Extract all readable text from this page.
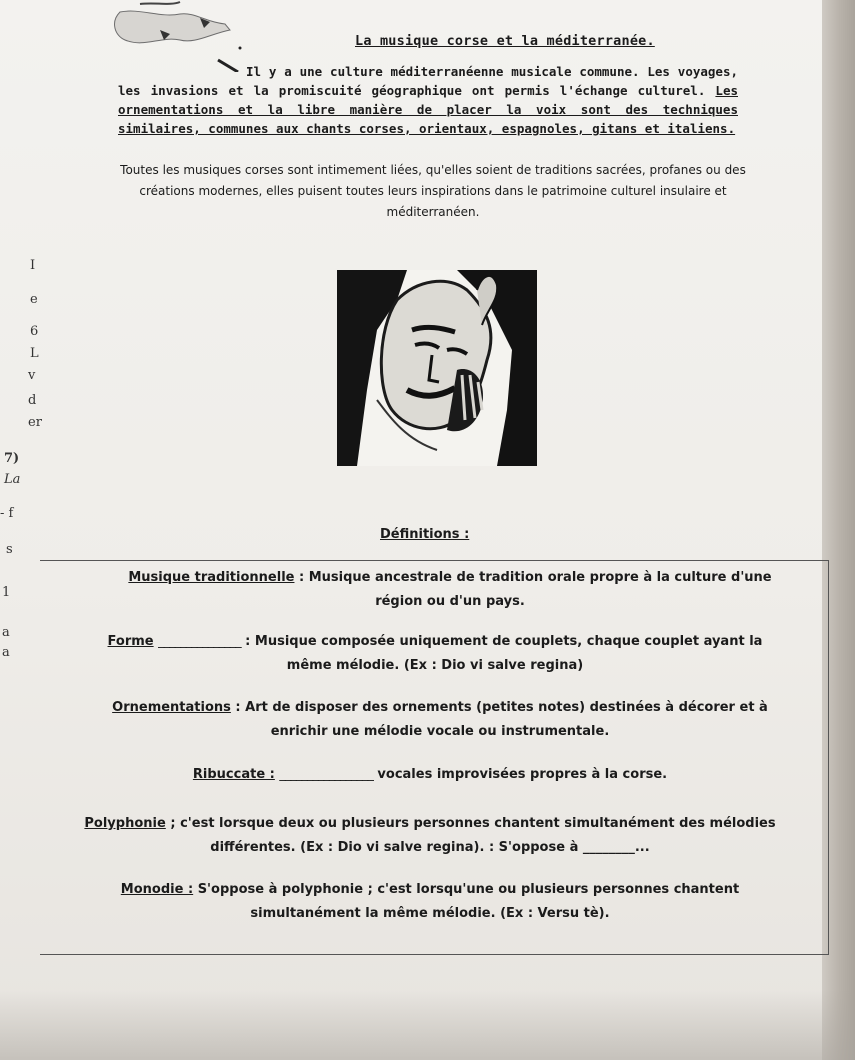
La musique corse et la méditerranée.
Il y a une culture méditerranéenne musicale commune. Les voyages, les invasions et la promiscuité géographique ont permis l'échange culturel. Les ornementations et la libre manière de placer la voix sont des techniques similaires, communes aux chants corses, orientaux, espagnoles, gitans et italiens.
Toutes les musiques corses sont intimement liées, qu'elles soient de traditions sacrées, profanes ou des créations modernes, elles puisent toutes leurs inspirations dans le patrimoine culturel insulaire et méditerranéen.
I
e
6
L
v
d
er
7)
La
- f
s
1
a
a
Définitions :
Musique traditionnelle : Musique ancestrale de tradition orale propre à la culture d'une région ou d'un pays.
Forme _______________ : Musique composée uniquement de couplets, chaque couplet ayant la même mélodie. (Ex : Dio vi salve regina)
Ornementations : Art de disposer des ornements (petites notes) destinées à décorer et à enrichir une mélodie vocale ou instrumentale.
Ribuccate : _________________ vocales improvisées propres à la corse.
Polyphonie ; c'est lorsque deux ou plusieurs personnes chantent simultanément des mélodies différentes. (Ex : Dio vi salve regina). : S'oppose à ________...
Monodie : S'oppose à polyphonie ; c'est lorsqu'une ou plusieurs personnes chantent simultanément la même mélodie. (Ex : Versu tè).
